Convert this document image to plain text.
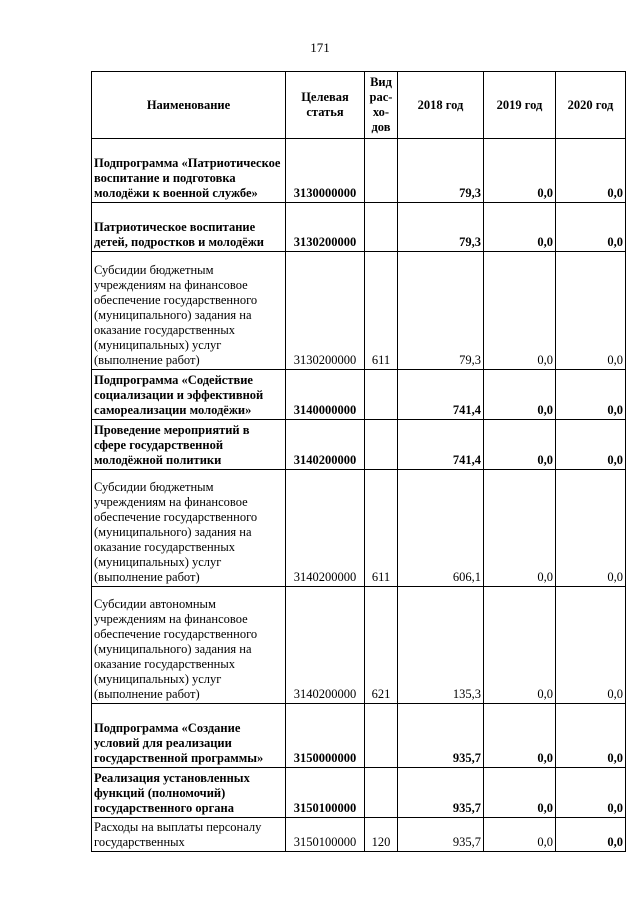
171
Наименование	Целевая статья	Вид рас- хо- дов	2018 год	2019 год	2020 год
Подпрограмма «Патриотическое воспитание и подготовка молодёжи к военной службе»	3130000000		79,3	0,0	0,0
Патриотическое воспитание детей, подростков и молодёжи	3130200000		79,3	0,0	0,0
Субсидии бюджетным учреждениям на финансовое обеспечение государственного (муниципального) задания на оказание государственных (муниципальных) услуг (выполнение работ)	3130200000	611	79,3	0,0	0,0
Подпрограмма «Содействие социализации и эффективной самореализации молодёжи»	3140000000		741,4	0,0	0,0
Проведение мероприятий в сфере государственной молодёжной политики	3140200000		741,4	0,0	0,0
Субсидии бюджетным учреждениям на финансовое обеспечение государственного (муниципального) задания на оказание государственных (муниципальных) услуг (выполнение работ)	3140200000	611	606,1	0,0	0,0
Субсидии автономным учреждениям на финансовое обеспечение государственного (муниципального) задания на оказание государственных (муниципальных) услуг (выполнение работ)	3140200000	621	135,3	0,0	0,0
Подпрограмма «Создание условий для реализации государственной программы»	3150000000		935,7	0,0	0,0
Реализация установленных функций (полномочий) государственного органа	3150100000		935,7	0,0	0,0
Расходы на выплаты персоналу государственных	3150100000	120	935,7	0,0	0,0
